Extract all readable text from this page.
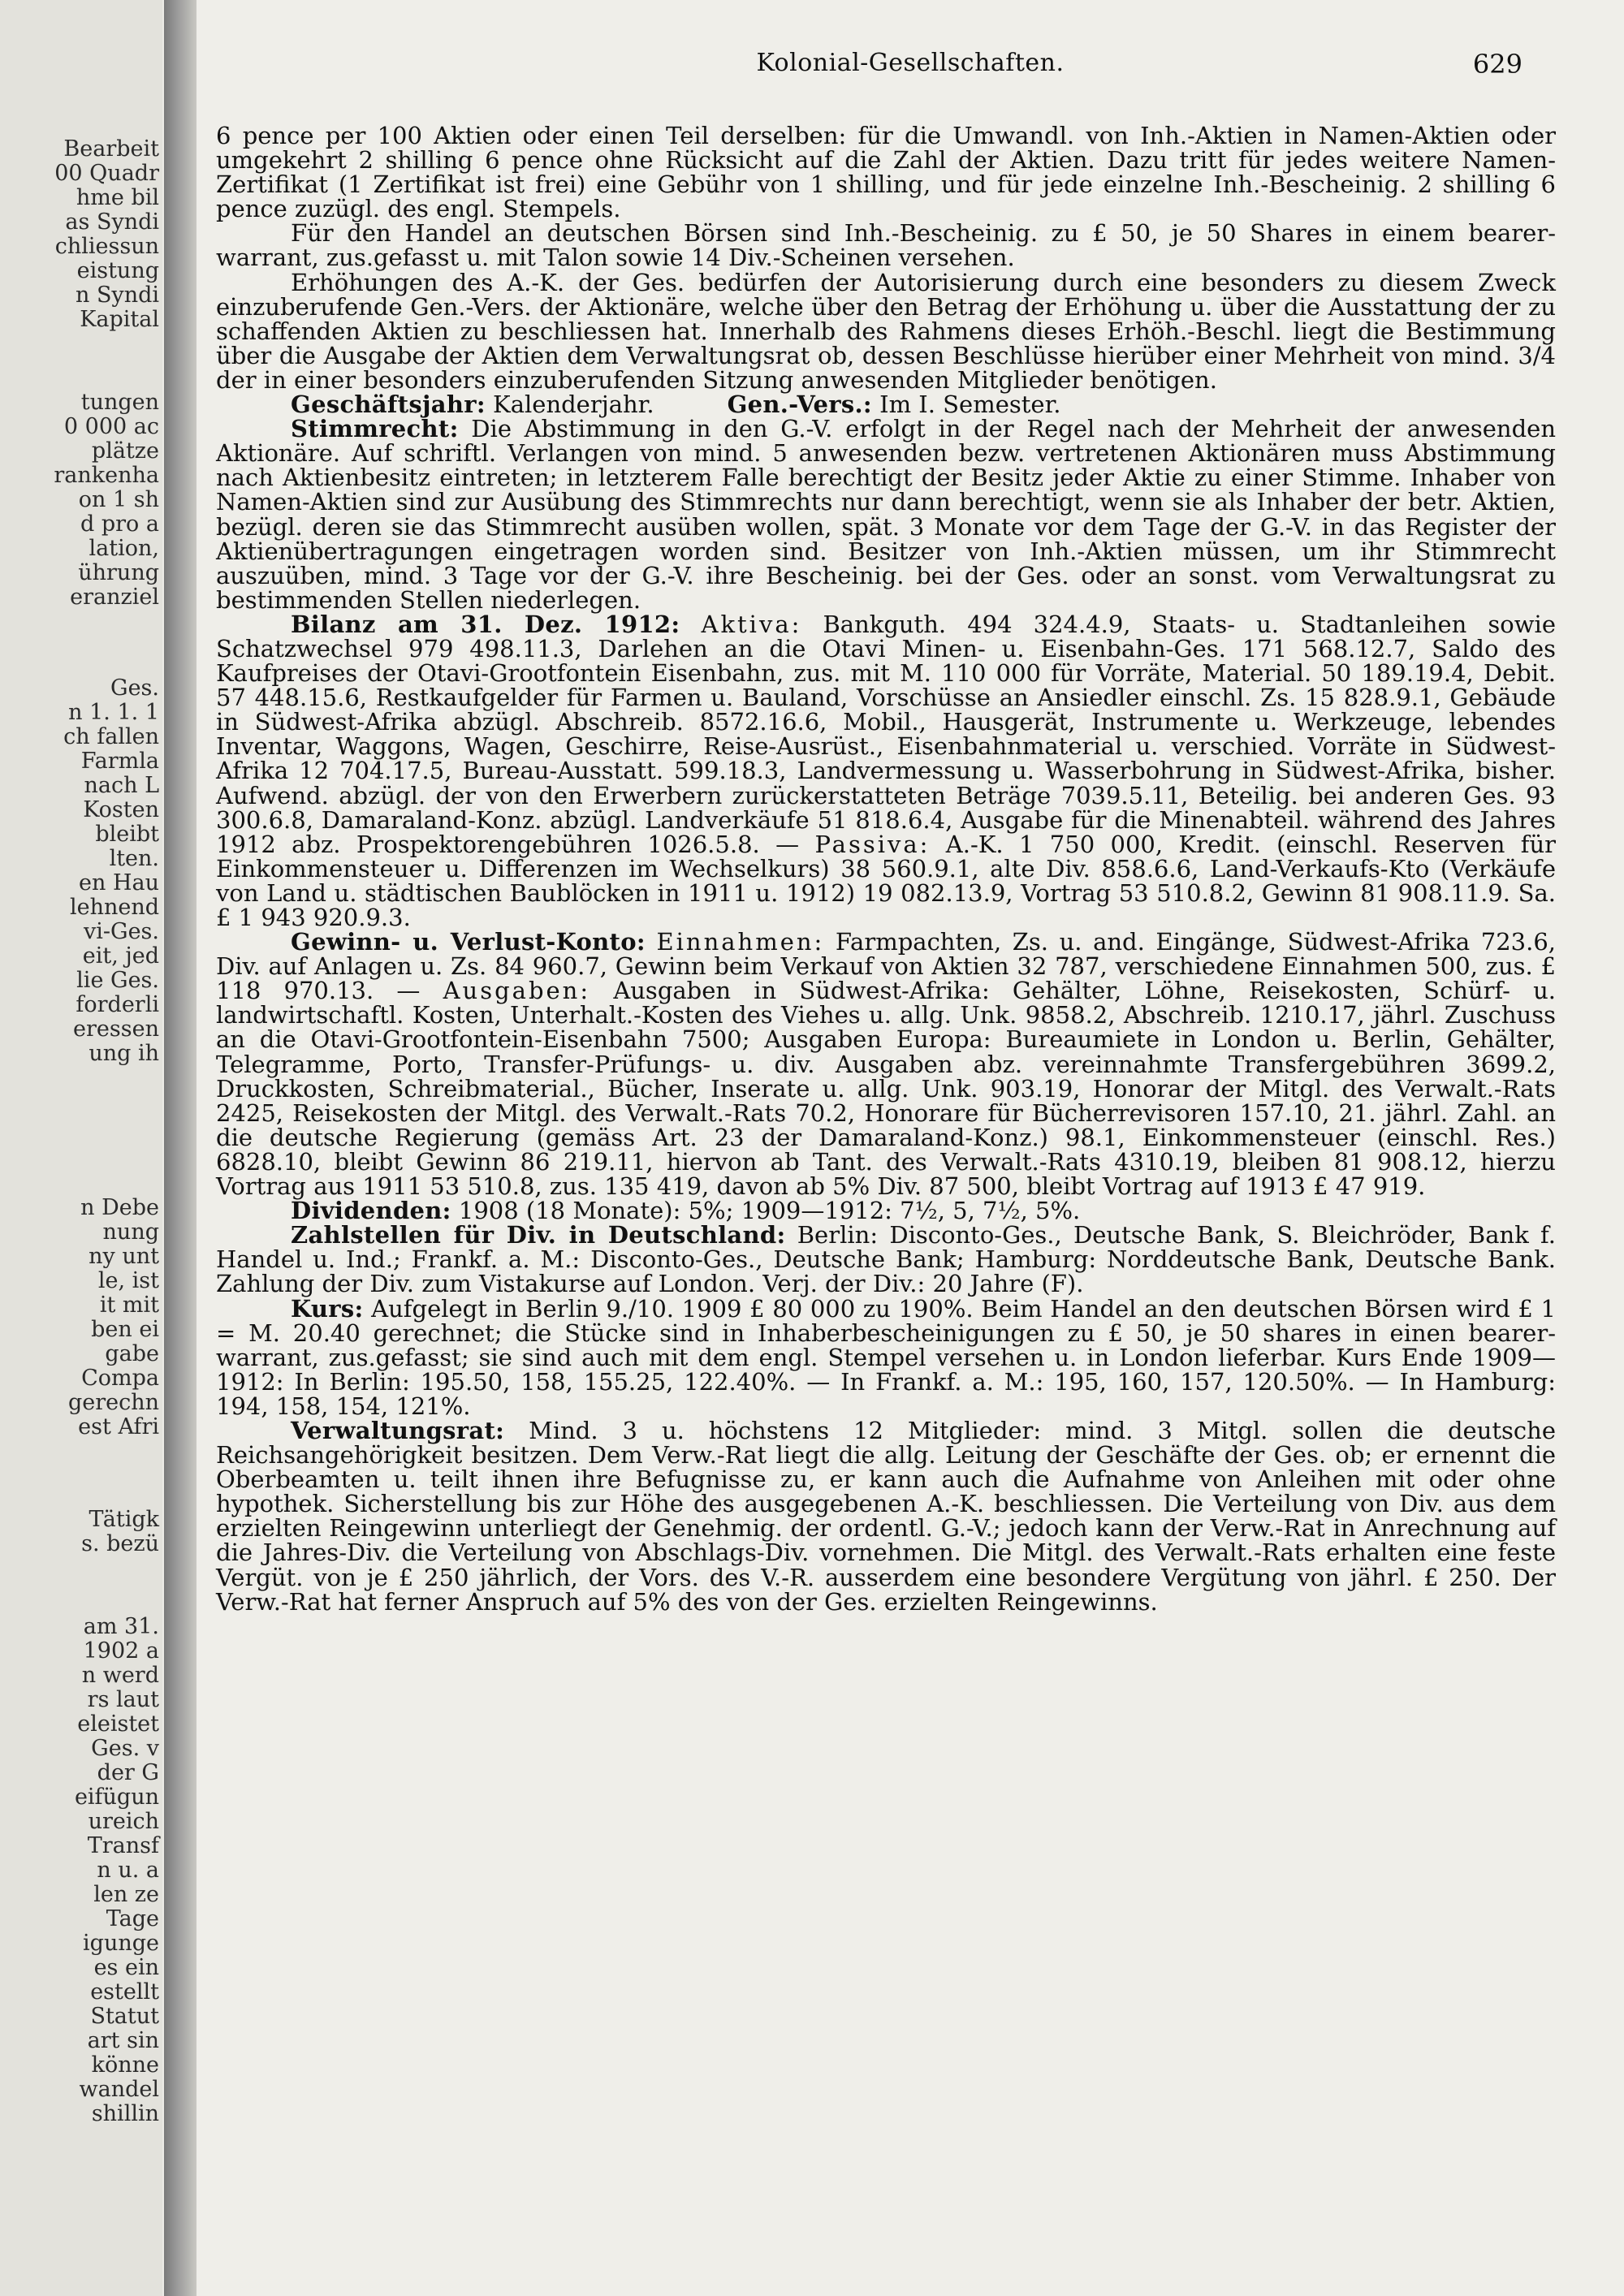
Bearbeit
00 Quadr
hme bil
as Syndi
chliessun
eistung
n Syndi
Kapital
tungen
0 000 ac
plätze
rankenha
on 1 sh
d pro a
lation,
ührung
eranziel
Ges.
n 1. 1. 1
ch fallen
Farmla
nach L
Kosten
bleibt
lten.
en Hau
lehnend
vi-Ges.
eit, jed
lie Ges.
forderli
eressen
ung ih
n Debe
nung
ny unt
le, ist
it mit
ben ei
gabe
Compa
gerechn
est Afri
Tätigk
s. bezü
am 31.
1902 a
n werd
rs laut
eleistet
Ges. v
der G
eifügun
ureich
Transf
n u. a
len ze
Tage
igunge
es ein
estellt
Statut
art sin
könne
wandel
shillin
Kolonial-Gesellschaften.	629

6 pence per 100 Aktien oder einen Teil derselben: für die Umwandl. von Inh.-Aktien in Namen-Aktien oder umgekehrt 2 shilling 6 pence ohne Rücksicht auf die Zahl der Aktien. Dazu tritt für jedes weitere Namen-Zertifikat (1 Zertifikat ist frei) eine Gebühr von 1 shilling, und für jede einzelne Inh.-Bescheinig. 2 shilling 6 pence zuzügl. des engl. Stempels.

Für den Handel an deutschen Börsen sind Inh.-Bescheinig. zu £ 50, je 50 Shares in einem bearer-warrant, zus.gefasst u. mit Talon sowie 14 Div.-Scheinen versehen.

Erhöhungen des A.-K. der Ges. bedürfen der Autorisierung durch eine besonders zu diesem Zweck einzuberufende Gen.-Vers. der Aktionäre, welche über den Betrag der Erhöhung u. über die Ausstattung der zu schaffenden Aktien zu beschliessen hat. Innerhalb des Rahmens dieses Erhöh.-Beschl. liegt die Bestimmung über die Ausgabe der Aktien dem Verwaltungsrat ob, dessen Beschlüsse hierüber einer Mehrheit von mind. 3/4 der in einer besonders einzuberufenden Sitzung anwesenden Mitglieder benötigen.

Geschäftsjahr: Kalenderjahr.	Gen.-Vers.: Im I. Semester.

Stimmrecht: Die Abstimmung in den G.-V. erfolgt in der Regel nach der Mehrheit der anwesenden Aktionäre. Auf schriftl. Verlangen von mind. 5 anwesenden bezw. vertretenen Aktionären muss Abstimmung nach Aktienbesitz eintreten; in letzterem Falle berechtigt der Besitz jeder Aktie zu einer Stimme. Inhaber von Namen-Aktien sind zur Ausübung des Stimmrechts nur dann berechtigt, wenn sie als Inhaber der betr. Aktien, bezügl. deren sie das Stimmrecht ausüben wollen, spät. 3 Monate vor dem Tage der G.-V. in das Register der Aktienübertragungen eingetragen worden sind. Besitzer von Inh.-Aktien müssen, um ihr Stimmrecht auszuüben, mind. 3 Tage vor der G.-V. ihre Bescheinig. bei der Ges. oder an sonst. vom Verwaltungsrat zu bestimmenden Stellen niederlegen.

Bilanz am 31. Dez. 1912: Aktiva: Bankguth. 494 324.4.9, Staats- u. Stadtanleihen sowie Schatzwechsel 979 498.11.3, Darlehen an die Otavi Minen- u. Eisenbahn-Ges. 171 568.12.7, Saldo des Kaufpreises der Otavi-Grootfontein Eisenbahn, zus. mit M. 110 000 für Vorräte, Material. 50 189.19.4, Debit. 57 448.15.6, Restkaufgelder für Farmen u. Bauland, Vorschüsse an Ansiedler einschl. Zs. 15 828.9.1, Gebäude in Südwest-Afrika abzügl. Abschreib. 8572.16.6, Mobil., Hausgerät, Instrumente u. Werkzeuge, lebendes Inventar, Waggons, Wagen, Geschirre, Reise-Ausrüst., Eisenbahnmaterial u. verschied. Vorräte in Südwest-Afrika 12 704.17.5, Bureau-Ausstatt. 599.18.3, Landvermessung u. Wasserbohrung in Südwest-Afrika, bisher. Aufwend. abzügl. der von den Erwerbern zurückerstatteten Beträge 7039.5.11, Beteilig. bei anderen Ges. 93 300.6.8, Damaraland-Konz. abzügl. Landverkäufe 51 818.6.4, Ausgabe für die Minenabteil. während des Jahres 1912 abz. Prospektorengebühren 1026.5.8. — Passiva: A.-K. 1 750 000, Kredit. (einschl. Reserven für Einkommensteuer u. Differenzen im Wechselkurs) 38 560.9.1, alte Div. 858.6.6, Land-Verkaufs-Kto (Verkäufe von Land u. städtischen Baublöcken in 1911 u. 1912) 19 082.13.9, Vortrag 53 510.8.2, Gewinn 81 908.11.9. Sa. £ 1 943 920.9.3.

Gewinn- u. Verlust-Konto: Einnahmen: Farmpachten, Zs. u. and. Eingänge, Südwest-Afrika 723.6, Div. auf Anlagen u. Zs. 84 960.7, Gewinn beim Verkauf von Aktien 32 787, verschiedene Einnahmen 500, zus. £ 118 970.13. — Ausgaben: Ausgaben in Südwest-Afrika: Gehälter, Löhne, Reisekosten, Schürf- u. landwirtschaftl. Kosten, Unterhalt.-Kosten des Viehes u. allg. Unk. 9858.2, Abschreib. 1210.17, jährl. Zuschuss an die Otavi-Grootfontein-Eisenbahn 7500; Ausgaben Europa: Bureaumiete in London u. Berlin, Gehälter, Telegramme, Porto, Transfer-Prüfungs- u. div. Ausgaben abz. vereinnahmte Transfergebühren 3699.2, Druckkosten, Schreibmaterial., Bücher, Inserate u. allg. Unk. 903.19, Honorar der Mitgl. des Verwalt.-Rats 2425, Reisekosten der Mitgl. des Verwalt.-Rats 70.2, Honorare für Bücherrevisoren 157.10, 21. jährl. Zahl. an die deutsche Regierung (gemäss Art. 23 der Damaraland-Konz.) 98.1, Einkommensteuer (einschl. Res.) 6828.10, bleibt Gewinn 86 219.11, hiervon ab Tant. des Verwalt.-Rats 4310.19, bleiben 81 908.12, hierzu Vortrag aus 1911 53 510.8, zus. 135 419, davon ab 5% Div. 87 500, bleibt Vortrag auf 1913 £ 47 919.

Dividenden: 1908 (18 Monate): 5%; 1909—1912: 7½, 5, 7½, 5%.

Zahlstellen für Div. in Deutschland: Berlin: Disconto-Ges., Deutsche Bank, S. Bleichröder, Bank f. Handel u. Ind.; Frankf. a. M.: Disconto-Ges., Deutsche Bank; Hamburg: Norddeutsche Bank, Deutsche Bank. Zahlung der Div. zum Vistakurse auf London. Verj. der Div.: 20 Jahre (F).

Kurs: Aufgelegt in Berlin 9./10. 1909 £ 80 000 zu 190%. Beim Handel an den deutschen Börsen wird £ 1 = M. 20.40 gerechnet; die Stücke sind in Inhaberbescheinigungen zu £ 50, je 50 shares in einen bearer-warrant, zus.gefasst; sie sind auch mit dem engl. Stempel versehen u. in London lieferbar. Kurs Ende 1909—1912: In Berlin: 195.50, 158, 155.25, 122.40%. — In Frankf. a. M.: 195, 160, 157, 120.50%. — In Hamburg: 194, 158, 154, 121%.

Verwaltungsrat: Mind. 3 u. höchstens 12 Mitglieder: mind. 3 Mitgl. sollen die deutsche Reichsangehörigkeit besitzen. Dem Verw.-Rat liegt die allg. Leitung der Geschäfte der Ges. ob; er ernennt die Oberbeamten u. teilt ihnen ihre Befugnisse zu, er kann auch die Aufnahme von Anleihen mit oder ohne hypothek. Sicherstellung bis zur Höhe des ausgegebenen A.-K. beschliessen. Die Verteilung von Div. aus dem erzielten Reingewinn unterliegt der Genehmig. der ordentl. G.-V.; jedoch kann der Verw.-Rat in Anrechnung auf die Jahres-Div. die Verteilung von Abschlags-Div. vornehmen. Die Mitgl. des Verwalt.-Rats erhalten eine feste Vergüt. von je £ 250 jährlich, der Vors. des V.-R. ausserdem eine besondere Vergütung von jährl. £ 250. Der Verw.-Rat hat ferner Anspruch auf 5% des von der Ges. erzielten Reingewinns.
